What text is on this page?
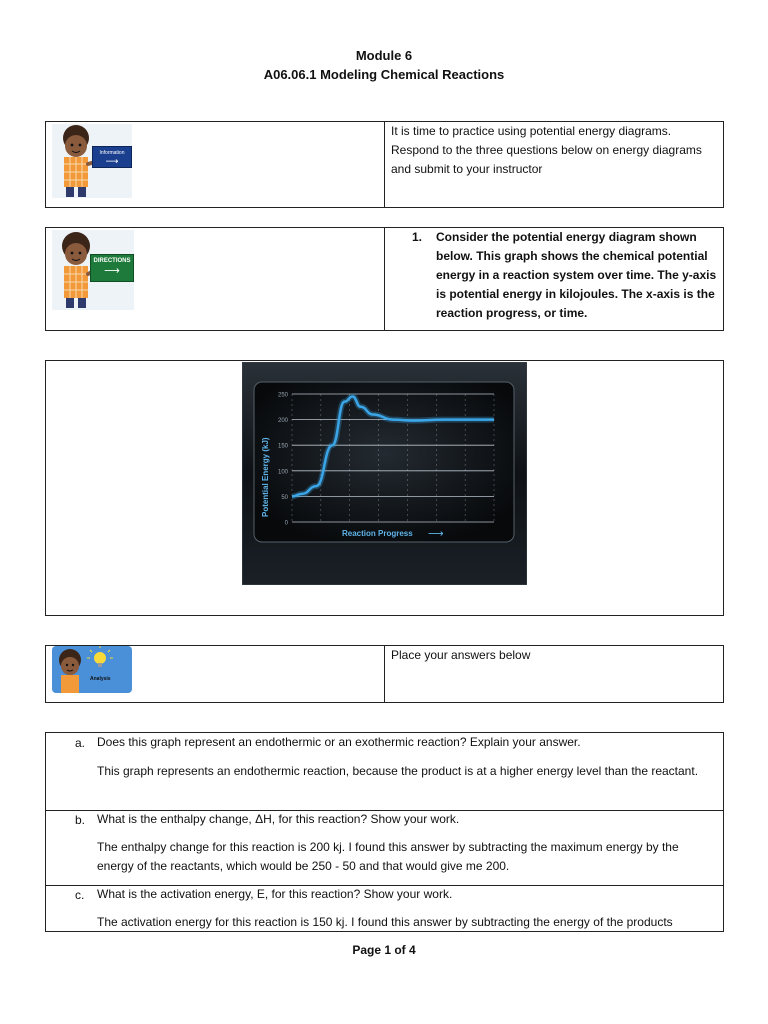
Module 6
A06.06.1 Modeling Chemical Reactions
Information
⟶
It is time to practice using potential energy diagrams. Respond to the three questions below on energy diagrams and submit to your instructor
DIRECTIONS
⟶
1. Consider the potential energy diagram shown below. This graph shows the chemical potential energy in a reaction system over time. The y-axis is potential energy in kilojoules. The x-axis is the reaction progress, or time.
0
50
100
150
200
250
Potential Energy (kJ)
Reaction Progress ⟶
Analysis
Place your answers below
a. Does this graph represent an endothermic or an exothermic reaction? Explain your answer.
This graph represents an endothermic reaction, because the product is at a higher energy level than the reactant.
b. What is the enthalpy change, ΔH, for this reaction? Show your work.
The enthalpy change for this reaction is 200 kj. I found this answer by subtracting the maximum energy by the energy of the reactants, which would be 250 - 50 and that would give me 200.
c. What is the activation energy, E, for this reaction? Show your work.
The activation energy for this reaction is 150 kj. I found this answer by subtracting the energy of the products
Page 1 of 4
